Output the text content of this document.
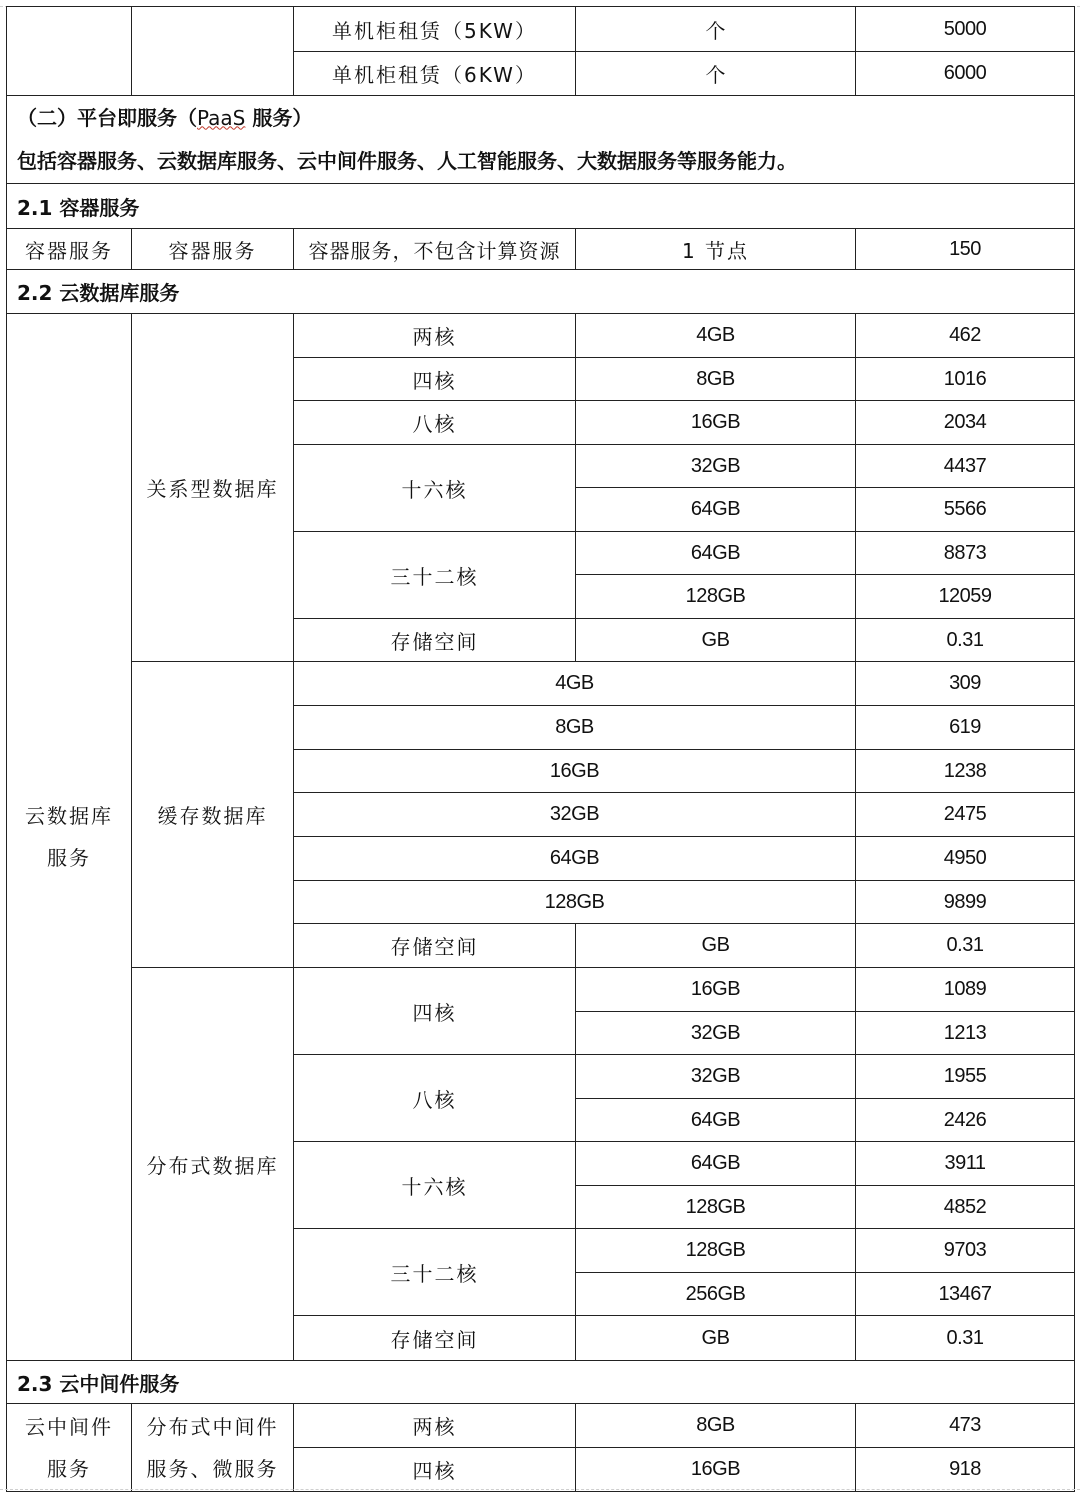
		单机柜租赁（5KW）	个	5000
		单机柜租赁（6KW）	个	6000

（二）平台即服务（PaaS 服务）
包括容器服务、云数据库服务、云中间件服务、人工智能服务、大数据服务等服务能力。				

2.1 容器服务				
容器服务	容器服务	容器服务，不包含计算资源	1 节点	150
2.2 云数据库服务				
云数据库服务	关系型数据库	两核	4GB	462
		四核	8GB	1016
		八核	16GB	2034
		十六核	32GB	4437
			64GB	5566
		三十二核	64GB	8873
			128GB	12059
		存储空间	GB	0.31
	缓存数据库	4GB		309
		8GB		619
		16GB		1238
		32GB		2475
		64GB		4950
		128GB		9899
		存储空间	GB	0.31
	分布式数据库	四核	16GB	1089
			32GB	1213
		八核	32GB	1955
			64GB	2426
		十六核	64GB	3911
			128GB	4852
		三十二核	128GB	9703
			256GB	13467
		存储空间	GB	0.31
2.3 云中间件服务				
云中间件服务	分布式中间件服务、微服务	两核	8GB	473
		四核	16GB	918
